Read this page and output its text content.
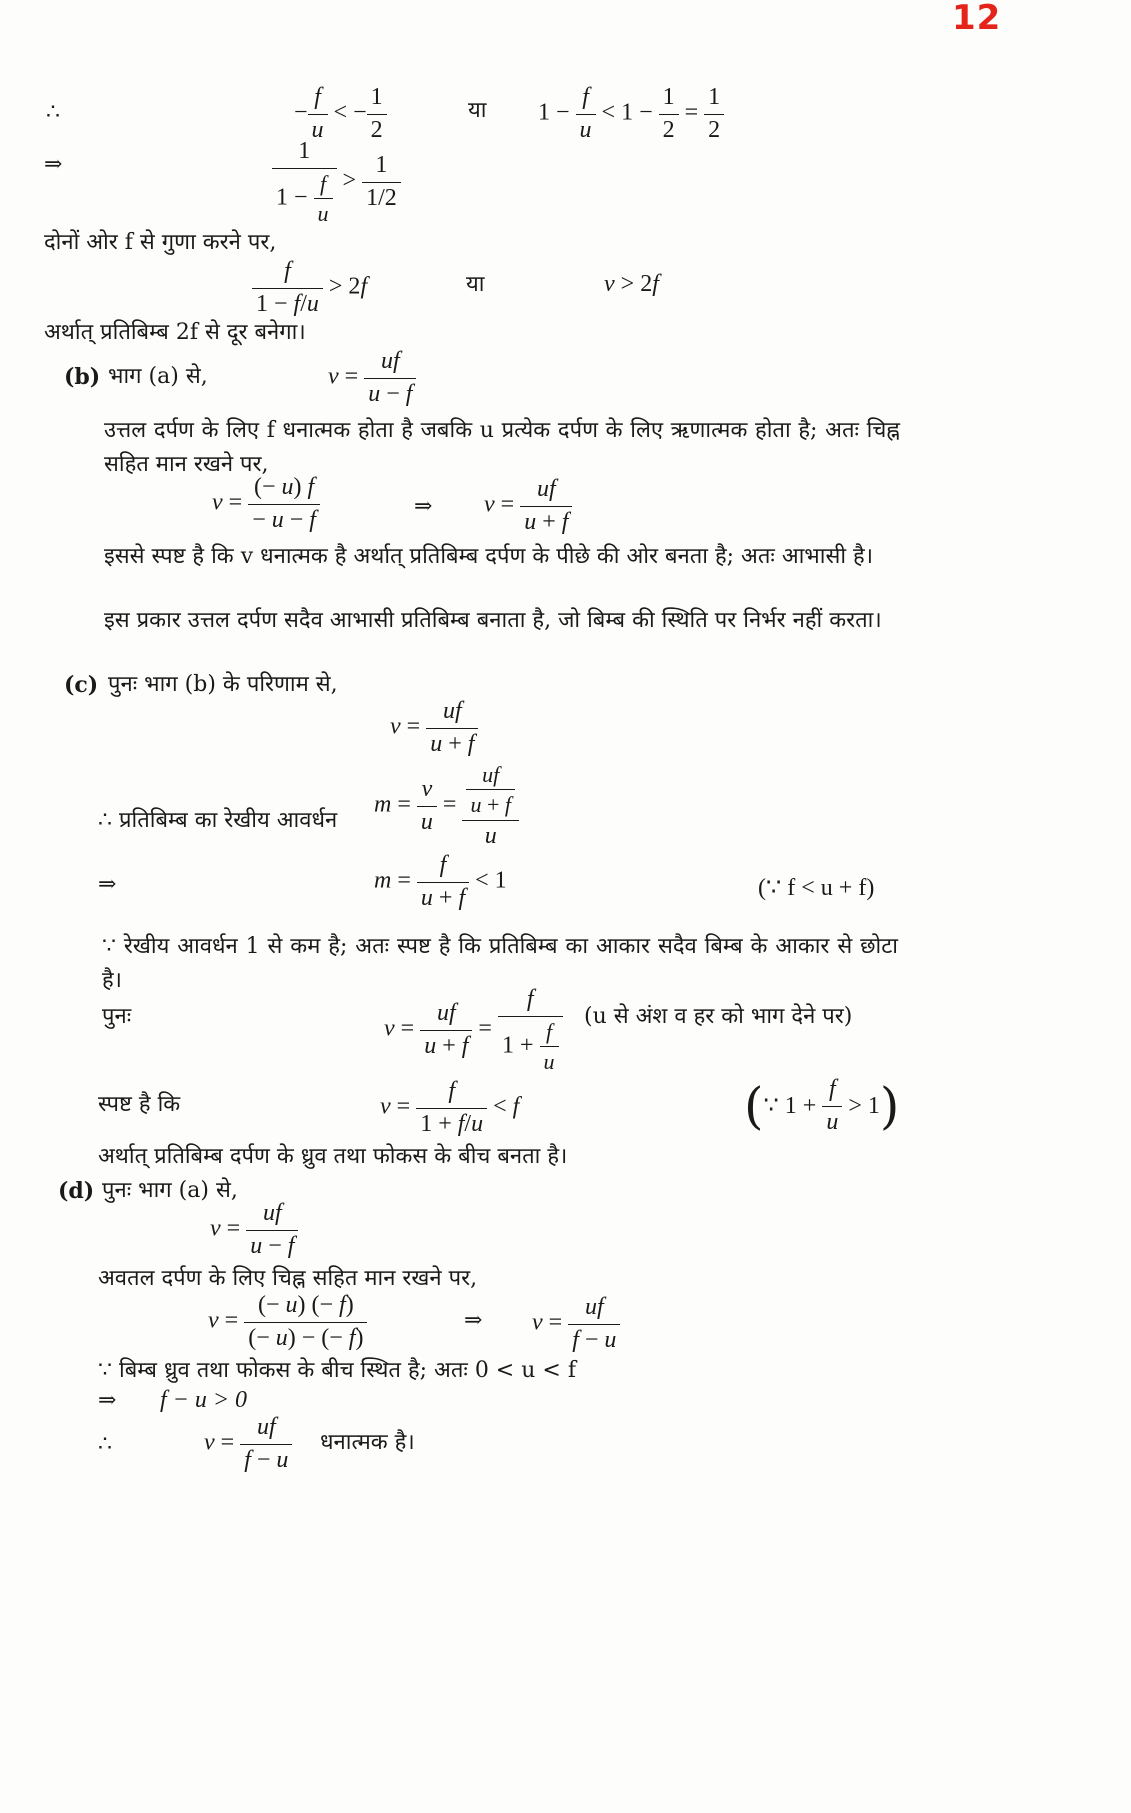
12
∴	− $\frac{f}{u}$ < − $\frac{1}{2}$	या $1 - \frac{f}{u} < 1 - \frac{1}{2} = \frac{1}{2}$
⇒	$\frac{1}{1 - \frac{f}{u}} > \frac{1}{1/2}$
दोनों ओर f से गुणा करने पर,
$\frac{f}{1 - f/u} > 2f$	या	v > 2f
अर्थात् प्रतिबिम्ब 2f से दूर बनेगा।
(b) भाग (a) से,	$v = \frac{uf}{u - f}$
उत्तल दर्पण के लिए f धनात्मक होता है जबकि u प्रत्येक दर्पण के लिए ऋणात्मक होता है; अतः चिह्न सहित मान रखने पर,
$v = \frac{(- u) f}{- u - f}$	⇒ $v = \frac{uf}{u + f}$
इससे स्पष्ट है कि v धनात्मक है अर्थात् प्रतिबिम्ब दर्पण के पीछे की ओर बनता है; अतः आभासी है।
इस प्रकार उत्तल दर्पण सदैव आभासी प्रतिबिम्ब बनाता है, जो बिम्ब की स्थिति पर निर्भर नहीं करता।
(c) पुनः भाग (b) के परिणाम से,
$v = \frac{uf}{u + f}$
∴ प्रतिबिम्ब का रेखीय आवर्धन
$m = \frac{v}{u} = \frac{\frac{uf}{u + f}}{u}$
⇒	$m = \frac{f}{u + f} < 1$	(∵ f < u + f)
∵ रेखीय आवर्धन 1 से कम है; अतः स्पष्ट है कि प्रतिबिम्ब का आकार सदैव बिम्ब के आकार से छोटा है।
पुनः	$v = \frac{uf}{u + f} = \frac{f}{1 + \frac{f}{u}} (u$ से अंश व हर को भाग देने पर)
स्पष्ट है कि	$v = \frac{f}{1 + f/u} < f$	(∵ $1 + \frac{f}{u} > 1$)
अर्थात् प्रतिबिम्ब दर्पण के ध्रुव तथा फोकस के बीच बनता है।
(d) पुनः भाग (a) से,
$v = \frac{uf}{u - f}$
अवतल दर्पण के लिए चिह्न सहित मान रखने पर,
$v = \frac{(- u) (- f)}{(- u) - (- f)}$	⇒ $v = \frac{uf}{f - u}$
∵ बिम्ब ध्रुव तथा फोकस के बीच स्थित है; अतः 0 < u < f
⇒ f − u > 0
∴	$v = \frac{uf}{f - u}$ धनात्मक है।
